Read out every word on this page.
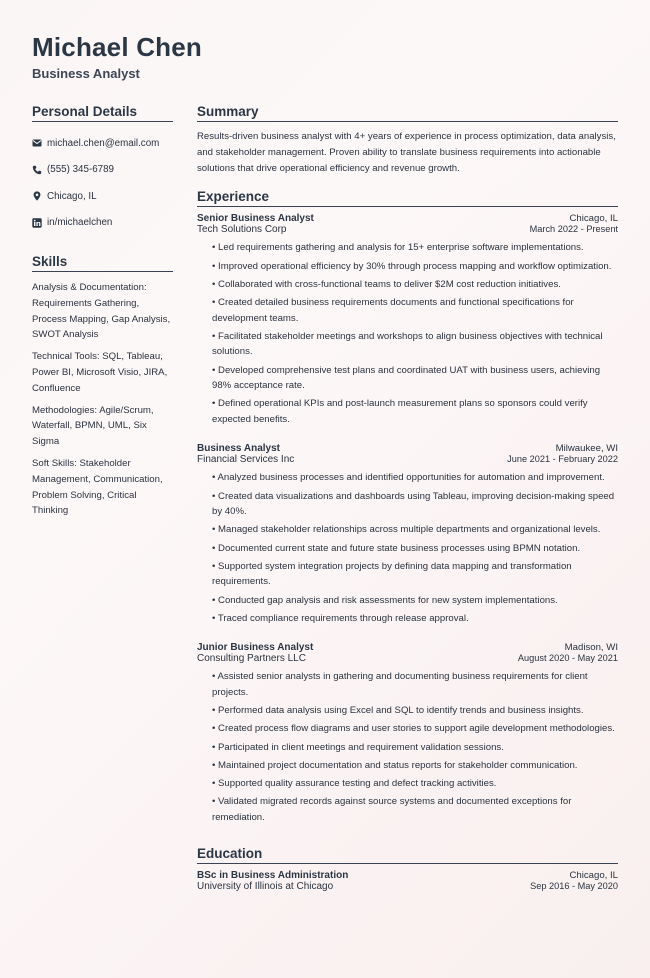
Michael Chen
Business Analyst
Personal Details
michael.chen@email.com
(555) 345-6789
Chicago, IL
in/michaelchen
Skills

Analysis & Documentation: Requirements Gathering, Process Mapping, Gap Analysis, SWOT Analysis

Technical Tools: SQL, Tableau, Power BI, Microsoft Visio, JIRA, Confluence

Methodologies: Agile/Scrum, Waterfall, BPMN, UML, Six Sigma

Soft Skills: Stakeholder Management, Communication, Problem Solving, Critical Thinking

Summary

Results-driven business analyst with 4+ years of experience in process optimization, data analysis, and stakeholder management. Proven ability to translate business requirements into actionable solutions that drive operational efficiency and revenue growth.

Experience
Senior Business Analyst	Chicago, IL
Tech Solutions Corp	March 2022 - Present
• Led requirements gathering and analysis for 15+ enterprise software implementations.
• Improved operational efficiency by 30% through process mapping and workflow optimization.
• Collaborated with cross-functional teams to deliver $2M cost reduction initiatives.
• Created detailed business requirements documents and functional specifications for development teams.
• Facilitated stakeholder meetings and workshops to align business objectives with technical solutions.
• Developed comprehensive test plans and coordinated UAT with business users, achieving 98% acceptance rate.
• Defined operational KPIs and post-launch measurement plans so sponsors could verify expected benefits.
Business Analyst	Milwaukee, WI
Financial Services Inc	June 2021 - February 2022
• Analyzed business processes and identified opportunities for automation and improvement.
• Created data visualizations and dashboards using Tableau, improving decision-making speed by 40%.
• Managed stakeholder relationships across multiple departments and organizational levels.
• Documented current state and future state business processes using BPMN notation.
• Supported system integration projects by defining data mapping and transformation requirements.
• Conducted gap analysis and risk assessments for new system implementations.
• Traced compliance requirements through release approval.
Junior Business Analyst	Madison, WI
Consulting Partners LLC	August 2020 - May 2021
• Assisted senior analysts in gathering and documenting business requirements for client projects.
• Performed data analysis using Excel and SQL to identify trends and business insights.
• Created process flow diagrams and user stories to support agile development methodologies.
• Participated in client meetings and requirement validation sessions.
• Maintained project documentation and status reports for stakeholder communication.
• Supported quality assurance testing and defect tracking activities.
• Validated migrated records against source systems and documented exceptions for remediation.
Education
BSc in Business Administration	Chicago, IL
University of Illinois at Chicago	Sep 2016 - May 2020
